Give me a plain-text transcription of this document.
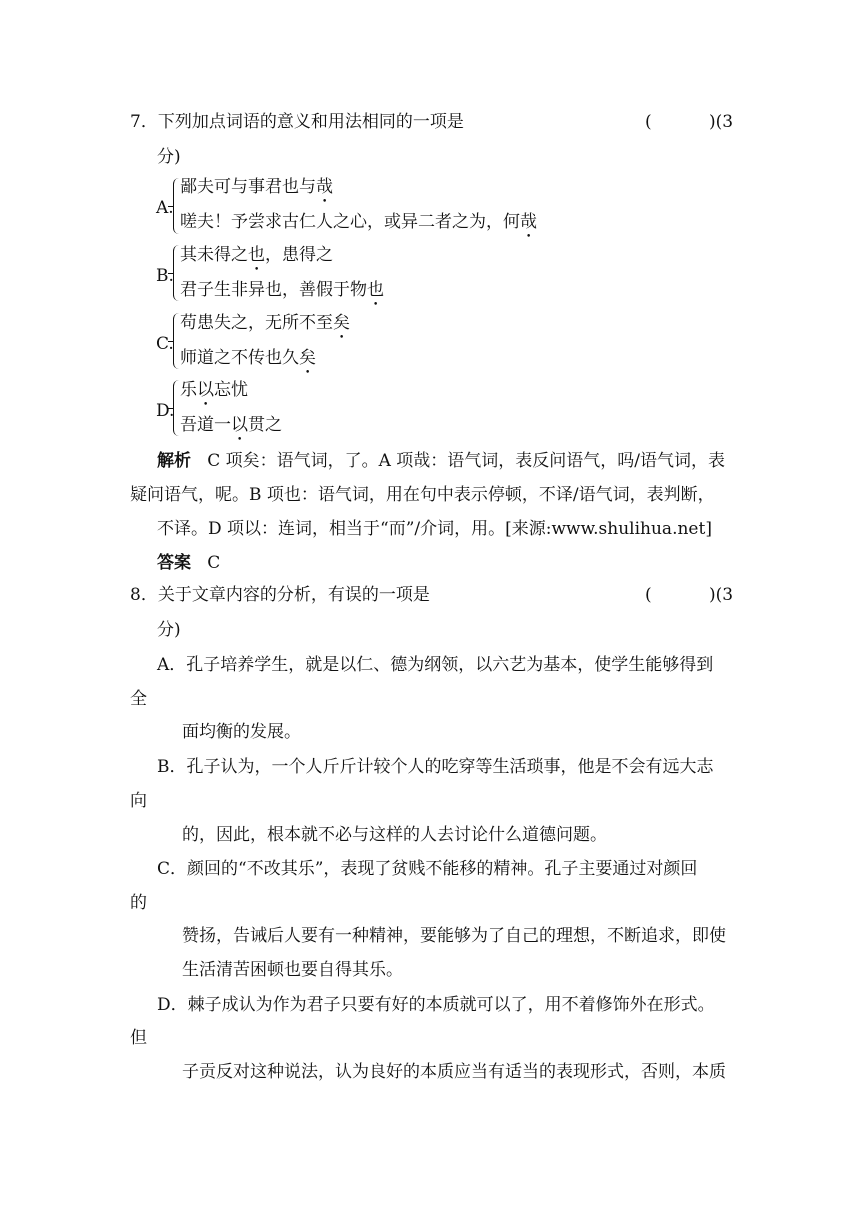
7．下列加点词语的意义和用法相同的一项是	(	)(3
分)
A.
鄙夫可与事君也与哉
嗟夫！予尝求古仁人之心，或异二者之为，何哉
B.
其未得之也，患得之
君子生非异也，善假于物也
C.
苟患失之，无所不至矣
师道之不传也久矣
D.
乐以忘忧
吾道一以贯之
解析 C 项矣：语气词，了。A 项哉：语气词，表反问语气，吗/语气词，表
疑问语气，呢。B 项也：语气词，用在句中表示停顿，不译/语气词，表判断，
不译。D 项以：连词，相当于“而”/介词，用。[来源:www.shulihua.net]
答案 C
8．关于文章内容的分析，有误的一项是	(	)(3
分)
A．孔子培养学生，就是以仁、德为纲领，以六艺为基本，使学生能够得到
全
面均衡的发展。
B．孔子认为，一个人斤斤计较个人的吃穿等生活琐事，他是不会有远大志
向
的，因此，根本就不必与这样的人去讨论什么道德问题。
C．颜回的“不改其乐”，表现了贫贱不能移的精神。孔子主要通过对颜回
的
赞扬，告诫后人要有一种精神，要能够为了自己的理想，不断追求，即使
生活清苦困顿也要自得其乐。
D．棘子成认为作为君子只要有好的本质就可以了，用不着修饰外在形式。
但
子贡反对这种说法，认为良好的本质应当有适当的表现形式，否则，本质
